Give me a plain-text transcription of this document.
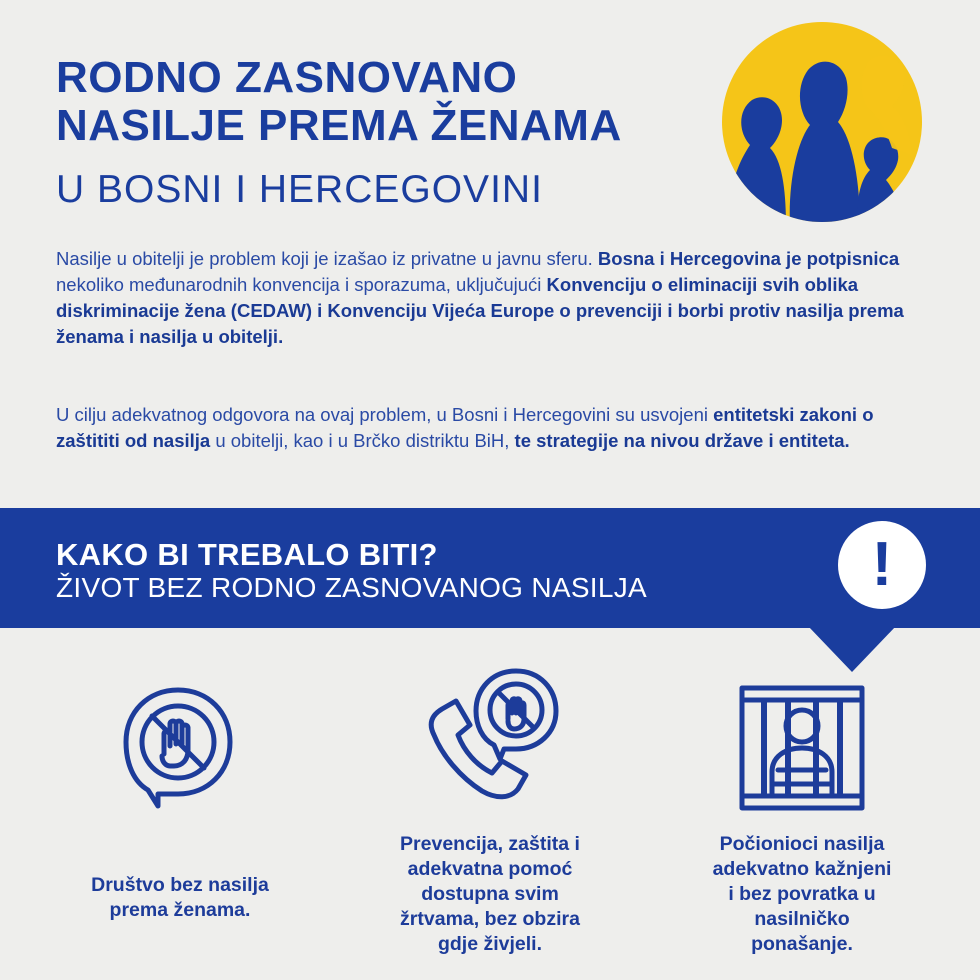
RODNO ZASNOVANO
NASILJE PREMA ŽENAMA
U BOSNI I HERCEGOVINI

Nasilje u obitelji je problem koji je izašao iz privatne u javnu sferu. Bosna i Hercegovina je potpisnica nekoliko međunarodnih konvencija i sporazuma, uključujući Konvenciju o eliminaciji svih oblika diskriminacije žena (CEDAW) i Konvenciju Vijeća Europe o prevenciji i borbi protiv nasilja prema ženama i nasilja u obitelji.

U cilju adekvatnog odgovora na ovaj problem, u Bosni i Hercegovini su usvojeni entitetski zakoni o zaštititi od nasilja u obitelji, kao i u Brčko distriktu BiH, te strategije na nivou države i entiteta.

KAKO BI TREBALO BITI?

ŽIVOT BEZ RODNO ZASNOVANOG NASILJA	!

Društvo bez nasilja
prema ženama.

Prevencija, zaštita i
adekvatna pomoć
dostupna svim
žrtvama, bez obzira
gdje živjeli.

Počionioci nasilja
adekvatno kažnjeni
i bez povratka u
nasilničko
ponašanje.
